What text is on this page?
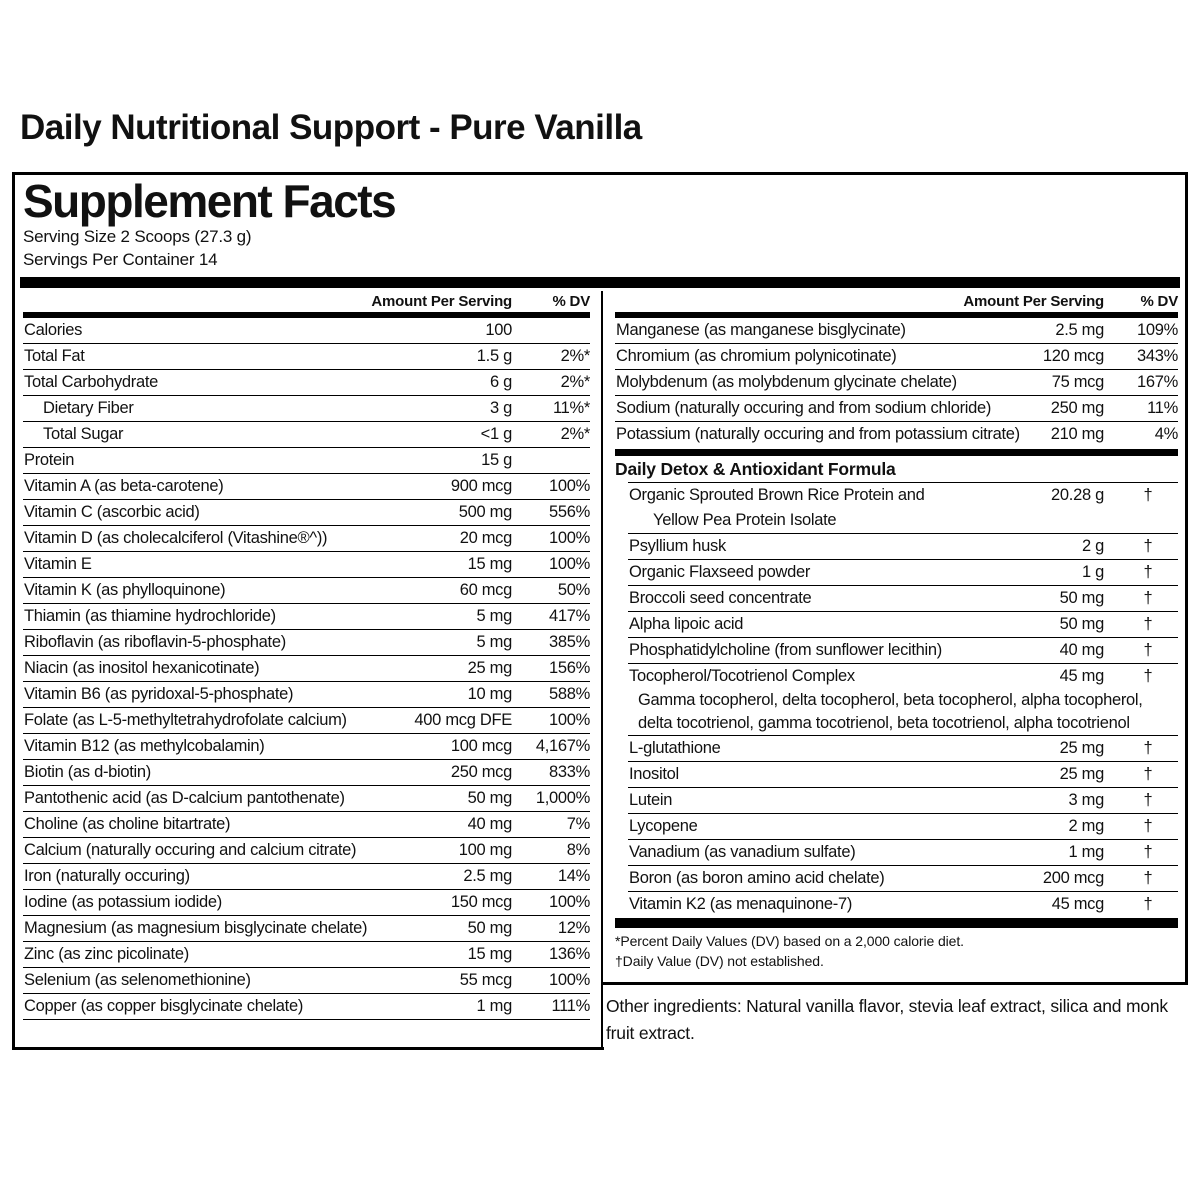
Daily Nutritional Support - Pure Vanilla
Supplement Facts
Serving Size 2 Scoops (27.3 g)
Servings Per Container 14
Amount Per Serving	% DV
Calories	100
Total Fat	1.5 g	2%*
Total Carbohydrate	6 g	2%*
Dietary Fiber	3 g	11%*
Total Sugar	<1 g	2%*
Protein	15 g
Vitamin A (as beta-carotene)	900 mcg	100%
Vitamin C (ascorbic acid)	500 mg	556%
Vitamin D (as cholecalciferol (Vitashine®^))	20 mcg	100%
Vitamin E	15 mg	100%
Vitamin K (as phylloquinone)	60 mcg	50%
Thiamin (as thiamine hydrochloride)	5 mg	417%
Riboflavin (as riboflavin-5-phosphate)	5 mg	385%
Niacin (as inositol hexanicotinate)	25 mg	156%
Vitamin B6 (as pyridoxal-5-phosphate)	10 mg	588%
Folate (as L-5-methyltetrahydrofolate calcium)	400 mcg DFE	100%
Vitamin B12 (as methylcobalamin)	100 mcg	4,167%
Biotin (as d-biotin)	250 mcg	833%
Pantothenic acid (as D-calcium pantothenate)	50 mg	1,000%
Choline (as choline bitartrate)	40 mg	7%
Calcium (naturally occuring and calcium citrate)	100 mg	8%
Iron (naturally occuring)	2.5 mg	14%
Iodine (as potassium iodide)	150 mcg	100%
Magnesium (as magnesium bisglycinate chelate)	50 mg	12%
Zinc (as zinc picolinate)	15 mg	136%
Selenium (as selenomethionine)	55 mcg	100%
Copper (as copper bisglycinate chelate)	1 mg	111%
Amount Per Serving	% DV
Manganese (as manganese bisglycinate)	2.5 mg	109%
Chromium (as chromium polynicotinate)	120 mcg	343%
Molybdenum (as molybdenum glycinate chelate)	75 mcg	167%
Sodium (naturally occuring and from sodium chloride)	250 mg	11%
Potassium (naturally occuring and from potassium citrate)	210 mg	4%
Daily Detox & Antioxidant Formula
Organic Sprouted Brown Rice Protein and
Yellow Pea Protein Isolate
20.28 g	†
Psyllium husk	2 g	†
Organic Flaxseed powder	1 g	†
Broccoli seed concentrate	50 mg	†
Alpha lipoic acid	50 mg	†
Phosphatidylcholine (from sunflower lecithin)	40 mg	†
Tocopherol/Tocotrienol Complex	45 mg	†
Gamma tocopherol, delta tocopherol, beta tocopherol, alpha tocopherol,
delta tocotrienol, gamma tocotrienol, beta tocotrienol, alpha tocotrienol
L-glutathione	25 mg	†
Inositol	25 mg	†
Lutein	3 mg	†
Lycopene	2 mg	†
Vanadium (as vanadium sulfate)	1 mg	†
Boron (as boron amino acid chelate)	200 mcg	†
Vitamin K2 (as menaquinone-7)	45 mcg	†
*Percent Daily Values (DV) based on a 2,000 calorie diet.
†Daily Value (DV) not established.
Other ingredients: Natural vanilla flavor, stevia leaf extract, silica and monk fruit extract.
